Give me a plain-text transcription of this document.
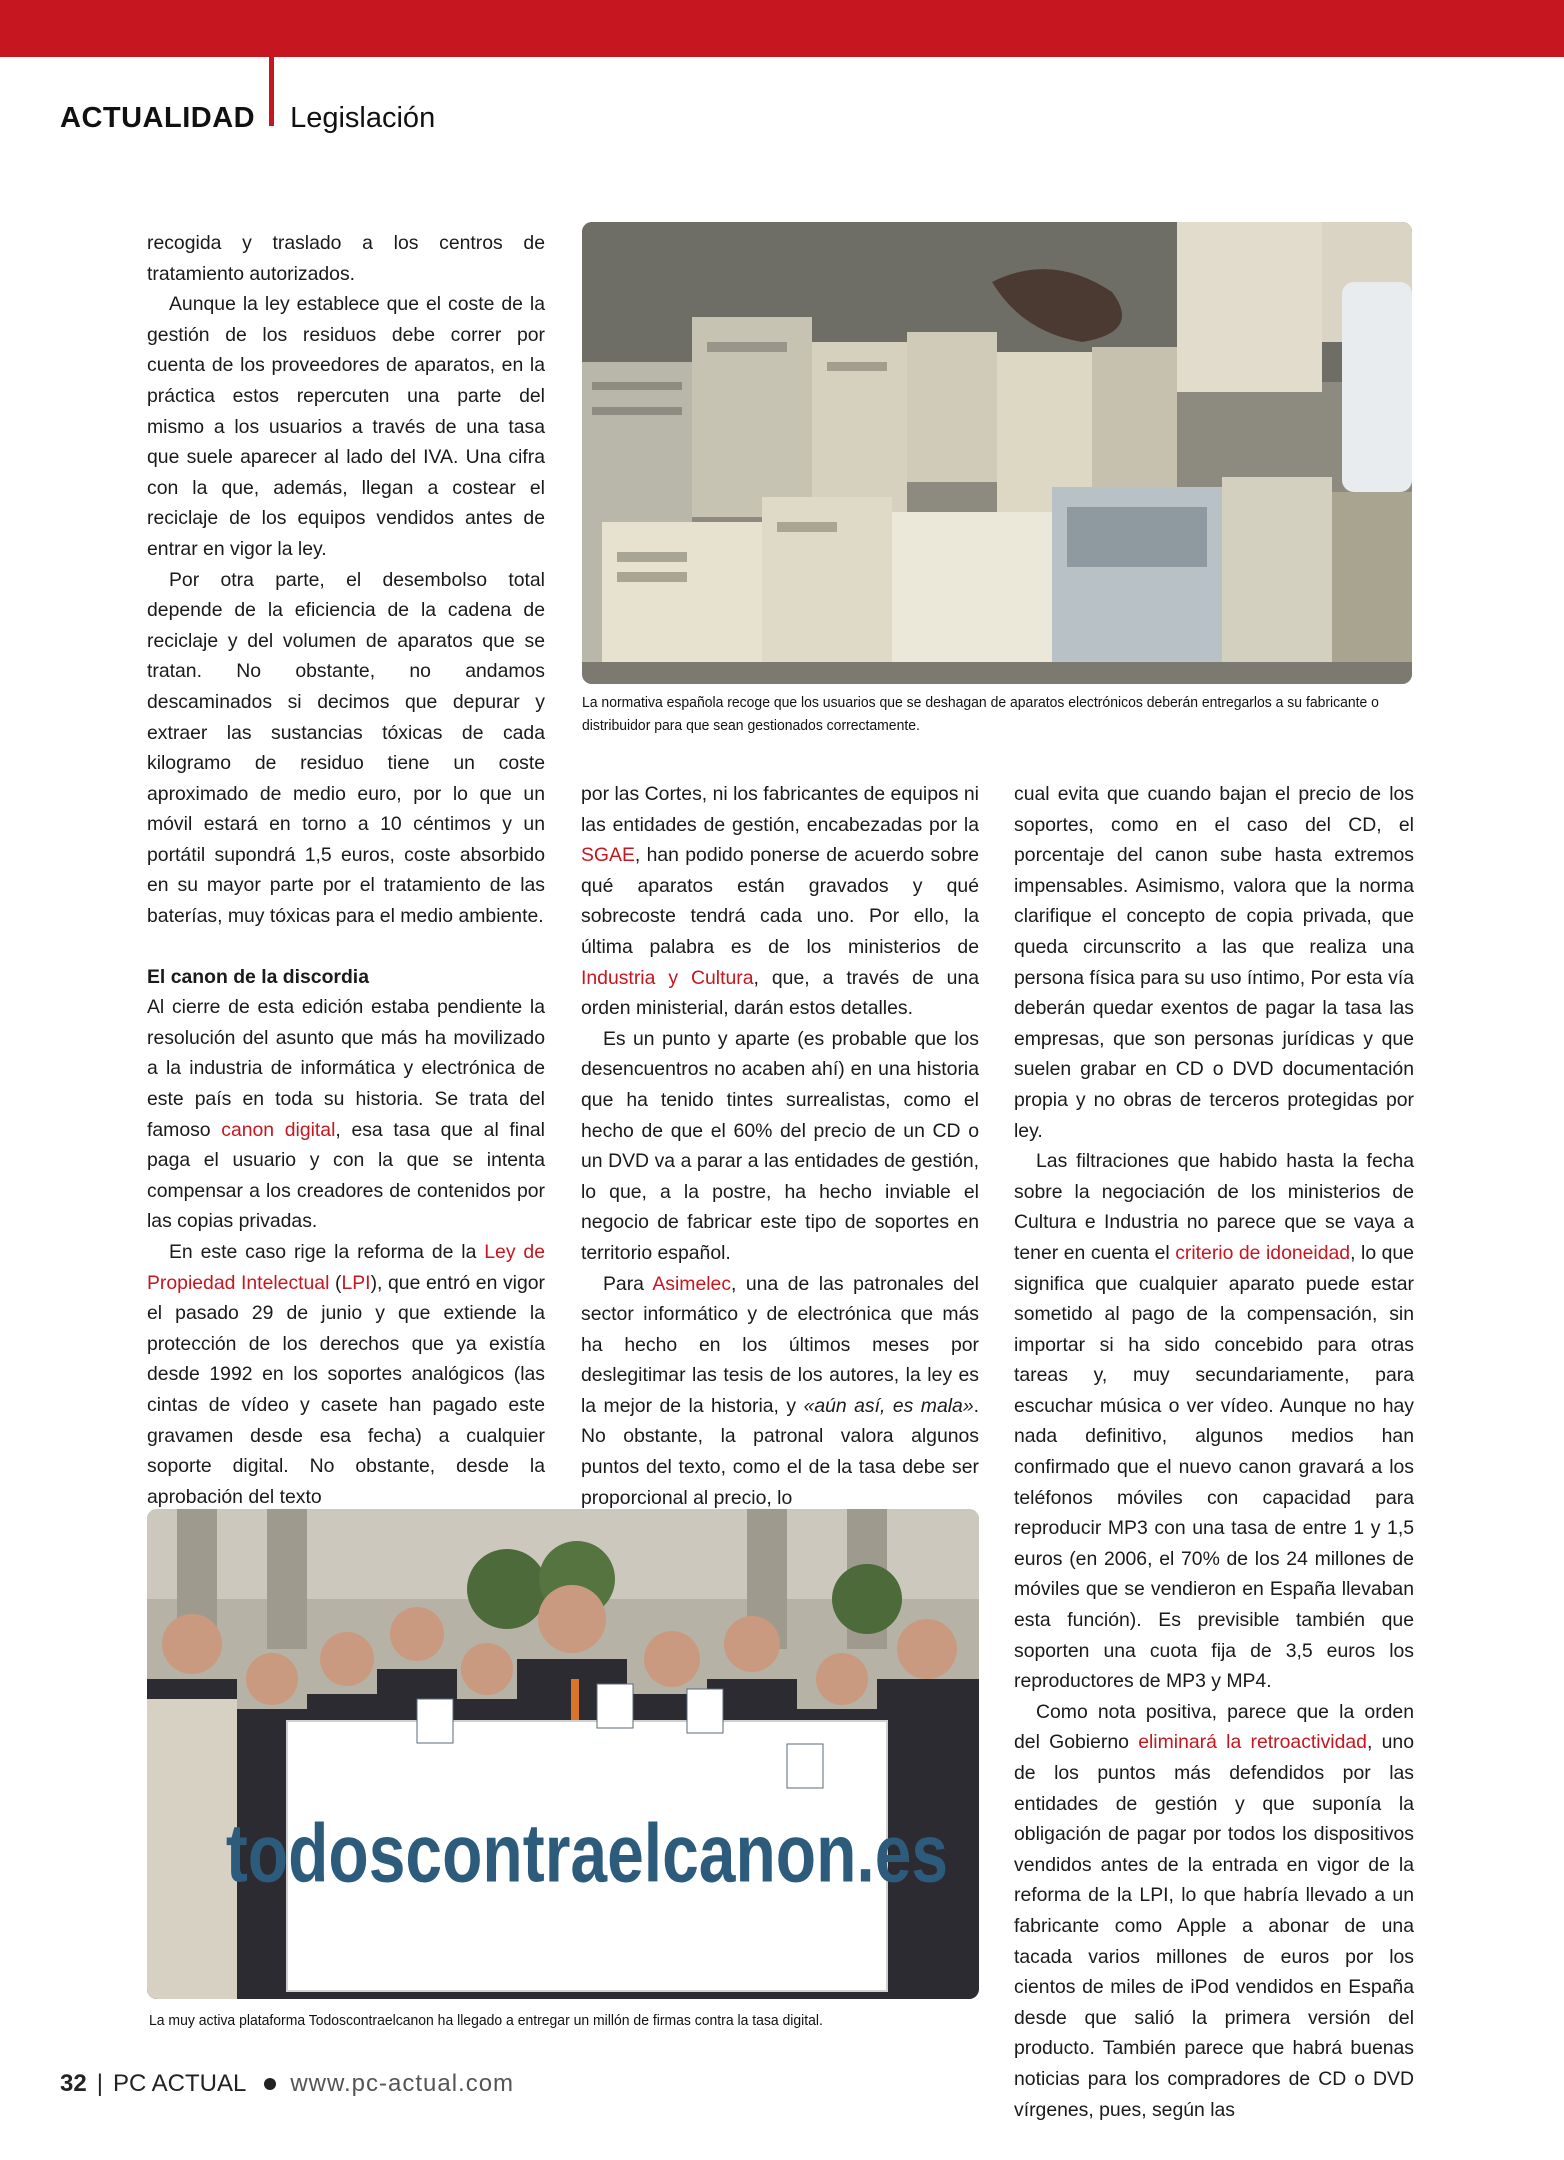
ACTUALIDAD Legislación

recogida y traslado a los centros de tratamiento autorizados.

Aunque la ley establece que el coste de la gestión de los residuos debe correr por cuenta de los proveedores de aparatos, en la práctica estos repercuten una parte del mismo a los usuarios a través de una tasa que suele aparecer al lado del IVA. Una cifra con la que, además, llegan a costear el reciclaje de los equipos vendidos antes de entrar en vigor la ley.

Por otra parte, el desembolso total depende de la eficiencia de la cadena de reciclaje y del volumen de aparatos que se tratan. No obstante, no andamos descaminados si decimos que depurar y extraer las sustancias tóxicas de cada kilogramo de residuo tiene un coste aproximado de medio euro, por lo que un móvil estará en torno a 10 céntimos y un portátil supondrá 1,5 euros, coste absorbido en su mayor parte por el tratamiento de las baterías, muy tóxicas para el medio ambiente.

El canon de la discordia

Al cierre de esta edición estaba pendiente la resolución del asunto que más ha movilizado a la industria de informática y electrónica de este país en toda su historia. Se trata del famoso canon digital, esa tasa que al final paga el usuario y con la que se intenta compensar a los creadores de contenidos por las copias privadas.

En este caso rige la reforma de la Ley de Propiedad Intelectual (LPI), que entró en vigor el pasado 29 de junio y que extiende la protección de los derechos que ya existía desde 1992 en los soportes analógicos (las cintas de vídeo y casete han pagado este gravamen desde esa fecha) a cualquier soporte digital. No obstante, desde la aprobación del texto

por las Cortes, ni los fabricantes de equipos ni las entidades de gestión, encabezadas por la SGAE, han podido ponerse de acuerdo sobre qué aparatos están gravados y qué sobrecoste tendrá cada uno. Por ello, la última palabra es de los ministerios de Industria y Cultura, que, a través de una orden ministerial, darán estos detalles.

Es un punto y aparte (es probable que los desencuentros no acaben ahí) en una historia que ha tenido tintes surrealistas, como el hecho de que el 60% del precio de un CD o un DVD va a parar a las entidades de gestión, lo que, a la postre, ha hecho inviable el negocio de fabricar este tipo de soportes en territorio español.

Para Asimelec, una de las patronales del sector informático y de electrónica que más ha hecho en los últimos meses por deslegitimar las tesis de los autores, la ley es la mejor de la historia, y «aún así, es mala». No obstante, la patronal valora algunos puntos del texto, como el de la tasa debe ser proporcional al precio, lo

cual evita que cuando bajan el precio de los soportes, como en el caso del CD, el porcentaje del canon sube hasta extremos impensables. Asimismo, valora que la norma clarifique el concepto de copia privada, que queda circunscrito a las que realiza una persona física para su uso íntimo, Por esta vía deberán quedar exentos de pagar la tasa las empresas, que son personas jurídicas y que suelen grabar en CD o DVD documentación propia y no obras de terceros protegidas por ley.

Las filtraciones que habido hasta la fecha sobre la negociación de los ministerios de Cultura e Industria no parece que se vaya a tener en cuenta el criterio de idoneidad, lo que significa que cualquier aparato puede estar sometido al pago de la compensación, sin importar si ha sido concebido para otras tareas y, muy secundariamente, para escuchar música o ver vídeo. Aunque no hay nada definitivo, algunos medios han confirmado que el nuevo canon gravará a los teléfonos móviles con capacidad para reproducir MP3 con una tasa de entre 1 y 1,5 euros (en 2006, el 70% de los 24 millones de móviles que se vendieron en España llevaban esta función). Es previsible también que soporten una cuota fija de 3,5 euros los reproductores de MP3 y MP4.

Como nota positiva, parece que la orden del Gobierno eliminará la retroactividad, uno de los puntos más defendidos por las entidades de gestión y que suponía la obligación de pagar por todos los dispositivos vendidos antes de la entrada en vigor de la reforma de la LPI, lo que habría llevado a un fabricante como Apple a abonar de una tacada varios millones de euros por los cientos de miles de iPod vendidos en España desde que salió la primera versión del producto. También parece que habrá buenas noticias para los compradores de CD o DVD vírgenes, pues, según las

La normativa española recoge que los usuarios que se deshagan de aparatos electrónicos deberán entregarlos a su fabricante o distribuidor para que sean gestionados correctamente.
todoscontraelcanon.es
La muy activa plataforma Todoscontraelcanon ha llegado a entregar un millón de firmas contra la tasa digital.
32 | PC ACTUAL www.pc-actual.com
